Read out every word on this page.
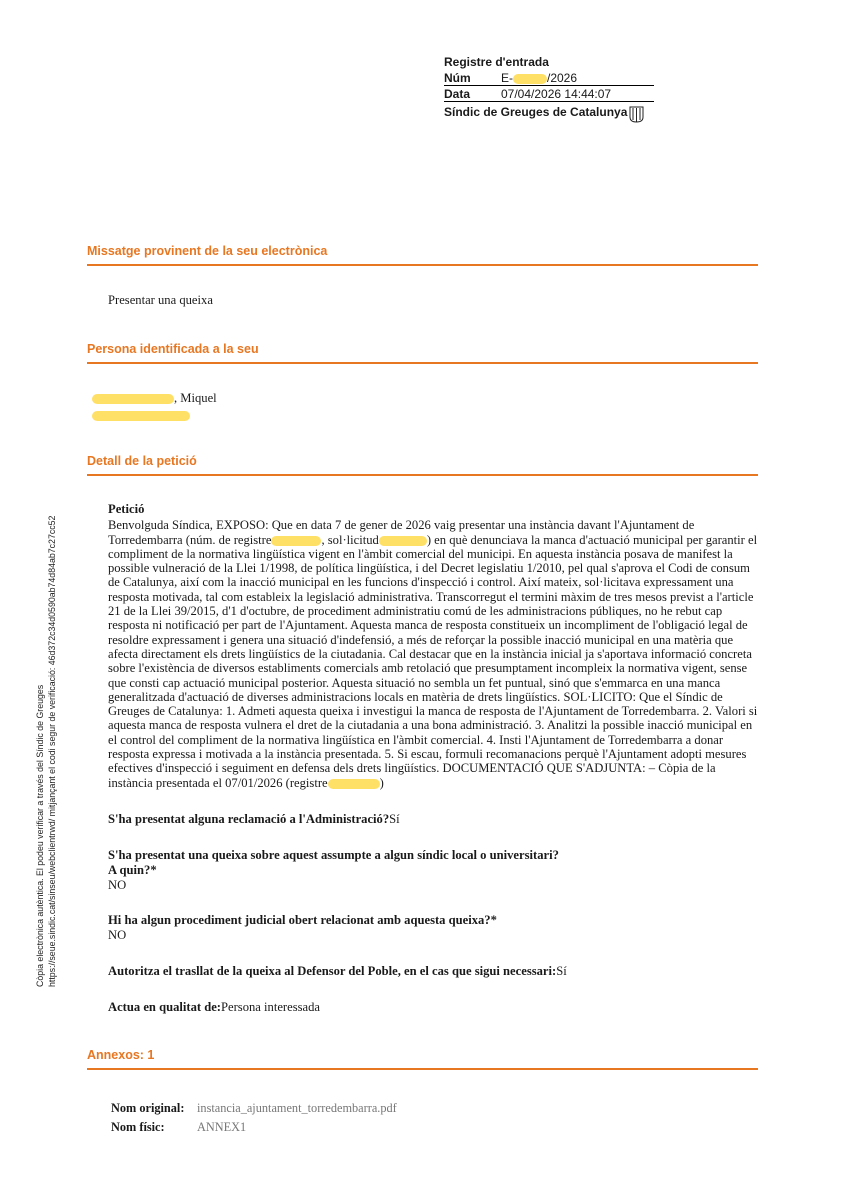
Registre d'entrada
Núm	E-	/2026
Data	07/04/2026 14:44:07
Síndic de Greuges de Catalunya
Missatge provinent de la seu electrònica
Presentar una queixa
Persona identificada a la seu
, Miquel
Detall de la petició
Petició
Benvolguda Síndica, EXPOSO: Que en data 7 de gener de 2026 vaig presentar una instància davant l'Ajuntament de Torredembarra (núm. de registre	, sol·licitud	) en què denunciava la manca d'actuació municipal per garantir el compliment de la normativa lingüística vigent en l'àmbit comercial del municipi. En aquesta instància posava de manifest la possible vulneració de la Llei 1/1998, de política lingüística, i del Decret legislatiu 1/2010, pel qual s'aprova el Codi de consum de Catalunya, així com la inacció municipal en les funcions d'inspecció i control. Així mateix, sol·licitava expressament una resposta motivada, tal com estableix la legislació administrativa. Transcorregut el termini màxim de tres mesos previst a l'article 21 de la Llei 39/2015, d'1 d'octubre, de procediment administratiu comú de les administracions públiques, no he rebut cap resposta ni notificació per part de l'Ajuntament. Aquesta manca de resposta constitueix un incompliment de l'obligació legal de resoldre expressament i genera una situació d'indefensió, a més de reforçar la possible inacció municipal en una matèria que afecta directament els drets lingüístics de la ciutadania. Cal destacar que en la instància inicial ja s'aportava informació concreta sobre l'existència de diversos establiments comercials amb retolació que presumptament incompleix la normativa vigent, sense que consti cap actuació municipal posterior. Aquesta situació no sembla un fet puntual, sinó que s'emmarca en una manca generalitzada d'actuació de diverses administracions locals en matèria de drets lingüístics. SOL·LICITO: Que el Síndic de Greuges de Catalunya: 1. Admeti aquesta queixa i investigui la manca de resposta de l'Ajuntament de Torredembarra. 2. Valori si aquesta manca de resposta vulnera el dret de la ciutadania a una bona administració. 3. Analitzi la possible inacció municipal en el control del compliment de la normativa lingüística en l'àmbit comercial. 4. Insti l'Ajuntament de Torredembarra a donar resposta expressa i motivada a la instància presentada. 5. Si escau, formuli recomanacions perquè l'Ajuntament adopti mesures efectives d'inspecció i seguiment en defensa dels drets lingüístics. DOCUMENTACIÓ QUE S'ADJUNTA: – Còpia de la instància presentada el 07/01/2026 (registre	)
S'ha presentat alguna reclamació a l'Administració?Sí
S'ha presentat una queixa sobre aquest assumpte a algun síndic local o universitari?
A quin?*
NO
Hi ha algun procediment judicial obert relacionat amb aquesta queixa?*
NO
Autoritza el trasllat de la queixa al Defensor del Poble, en el cas que sigui necessari:Sí
Actua en qualitat de:Persona interessada
Annexos: 1
Nom original: instancia_ajuntament_torredembarra.pdf
Nom físic:	ANNEX1
Còpia electrònica autèntica. El podeu verificar a través del Síndic de Greuges https://seue.sindic.cat/sinseu/webclientrwd/ mitjançant el codi segur de verificació: 46d372c34d0590ab74d84ab7c27cc52
